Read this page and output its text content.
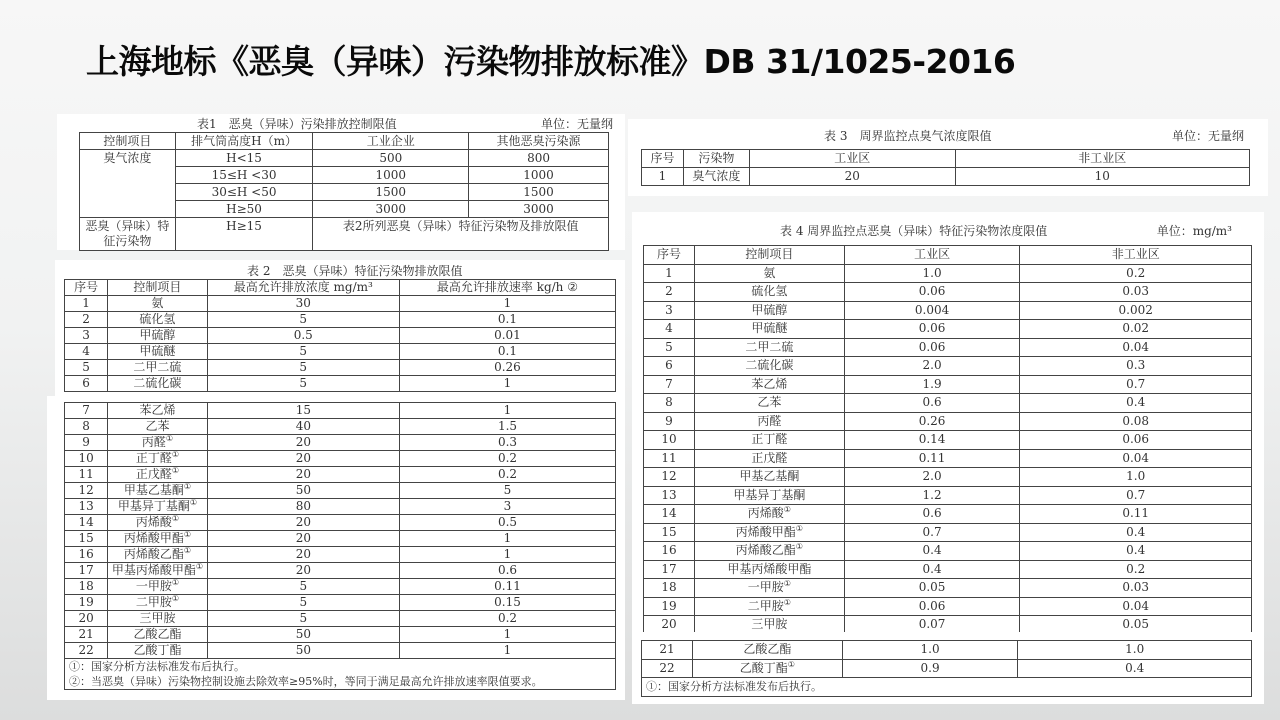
上海地标《恶臭（异味）污染物排放标准》DB 31/1025-2016
表1　恶臭（异味）污染排放控制限值	单位：无量纲
控制项目	排气筒高度H（m）	工业企业	其他恶臭污染源
臭气浓度	H<15	500	800
	15≤H <30	1000	1000
	30≤H <50	1500	1500
	H≥50	3000	3000
恶臭（异味）特征污染物	H≥15	表2所列恶臭（异味）特征污染物及排放限值	
表 2　恶臭（异味）特征污染物排放限值
序号	控制项目	最高允许排放浓度 mg/m³	最高允许排放速率 kg/h ②
1	氨	30	1
2	硫化氢	5	0.1
3	甲硫醇	0.5	0.01
4	甲硫醚	5	0.1
5	二甲二硫	5	0.26
6	二硫化碳	5	1
7	苯乙烯	15	1
8	乙苯	40	1.5
9	丙醛①	20	0.3
10	正丁醛①	20	0.2
11	正戊醛①	20	0.2
12	甲基乙基酮①	50	5
13	甲基异丁基酮①	80	3
14	丙烯酸①	20	0.5
15	丙烯酸甲酯①	20	1
16	丙烯酸乙酯①	20	1
17	甲基丙烯酸甲酯①	20	0.6
18	一甲胺①	5	0.11
19	二甲胺①	5	0.15
20	三甲胺	5	0.2
21	乙酸乙酯	50	1
22	乙酸丁酯	50	1
①：国家分析方法标准发布后执行。			
②：当恶臭（异味）污染物控制设施去除效率≥95%时，等同于满足最高允许排放速率限值要求。			
表 3　周界监控点臭气浓度限值	单位：无量纲
序号	污染物	工业区	非工业区
1	臭气浓度	20	10
表 4 周界监控点恶臭（异味）特征污染物浓度限值	单位：mg/m³
序号	控制项目	工业区	非工业区
1	氨	1.0	0.2
2	硫化氢	0.06	0.03
3	甲硫醇	0.004	0.002
4	甲硫醚	0.06	0.02
5	二甲二硫	0.06	0.04
6	二硫化碳	2.0	0.3
7	苯乙烯	1.9	0.7
8	乙苯	0.6	0.4
9	丙醛	0.26	0.08
10	正丁醛	0.14	0.06
11	正戊醛	0.11	0.04
12	甲基乙基酮	2.0	1.0
13	甲基异丁基酮	1.2	0.7
14	丙烯酸①	0.6	0.11
15	丙烯酸甲酯①	0.7	0.4
16	丙烯酸乙酯①	0.4	0.4
17	甲基丙烯酸甲酯	0.4	0.2
18	一甲胺①	0.05	0.03
19	二甲胺①	0.06	0.04
20	三甲胺	0.07	0.05
21	乙酸乙酯	1.0	1.0
22	乙酸丁酯①	0.9	0.4
①：国家分析方法标准发布后执行。			
